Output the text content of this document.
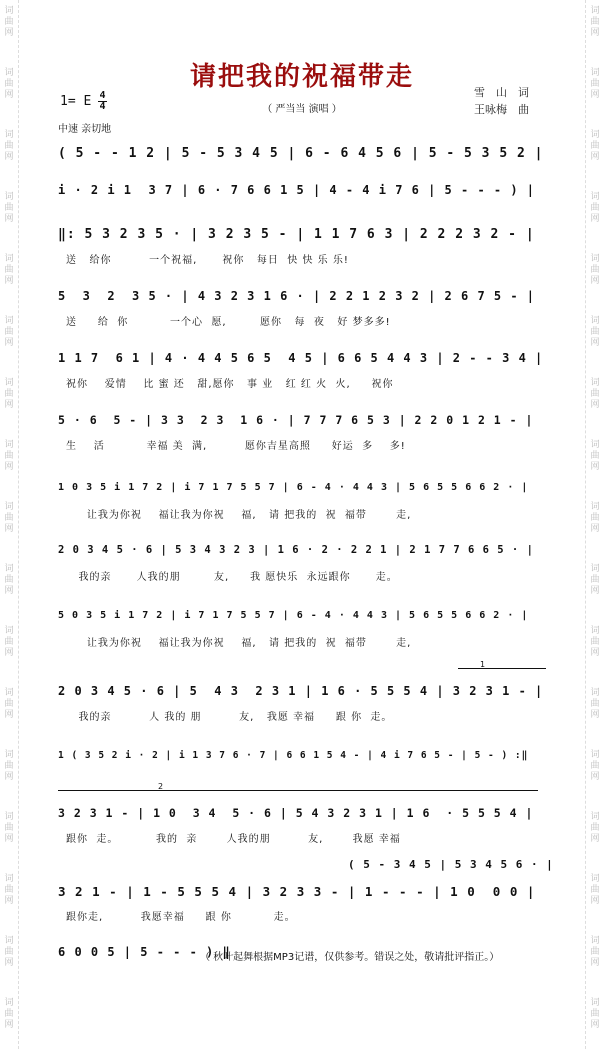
词
曲
网
词
曲
网
词
曲
网
词
曲
网
词
曲
网
词
曲
网
词
曲
网
词
曲
网
词
曲
网
词
曲
网
词
曲
网
词
曲
网
词
曲
网
词
曲
网
词
曲
网
词
曲
网
词
曲
网
词
曲
网
词
曲
网
词
曲
网
词
曲
网
词
曲
网
词
曲
网
词
曲
网
词
曲
网
词
曲
网
词
曲
网
词
曲
网
词
曲
网
词
曲
网
词
曲
网
词
曲
网
词
曲
网
词
曲
网
请把我的祝福带走
雪　山　词
王咏梅　曲
（ 严当当 演唱 ）
1= E 4
4
中速 亲切地
( 5 - - 1 2 | 5 - 5 3 4 5 | 6 - 6 4 5 6 | 5 - 5 3 5 2 |
i · 2 i 1  3 7 | 6 · 7 6 6 1 5 | 4 - 4 i 7 6 | 5 - - - ) |
‖: 5 3 2 3 5 · | 3 2 3 5 - | 1 1 7 6 3 | 2 2 2 3 2 - |
送   给你         一个祝福,      祝你   每日  快 快 乐 乐!
5  3  2  3 5 · | 4 3 2 3 1 6 · | 2 2 1 2 3 2 | 2 6 7 5 - |
送     给  你          一个心  愿,        愿你   每  夜   好 梦多多!
1 1 7  6 1 | 4 · 4 4 5 6 5  4 5 | 6 6 5 4 4 3 | 2 - - 3 4 |
祝你    爱情    比 蜜 还   甜,愿你   事 业   红 红 火  火,     祝你
5 · 6  5 - | 3 3  2 3  1 6 · | 7 7 7 6 5 3 | 2 2 0 1 2 1 - |
生    活          幸福 美  满,         愿你吉星高照     好运  多    多!
1 0 3 5 i 1 7 2 | i 7 1 7 5 5 7 | 6 - 4 · 4 4 3 | 5 6 5 5 6 6 2 · |
让我为你祝    福让我为你祝    福,   请 把我的  祝  福带       走,
2 0 3 4 5 · 6 | 5 3 4 3 2 3 | 1 6 · 2 · 2 2 1 | 2 1 7 7 6 6 5 · |
我的亲      人我的朋        友,     我 愿快乐  永远跟你      走。
5 0 3 5 i 1 7 2 | i 7 1 7 5 5 7 | 6 - 4 · 4 4 3 | 5 6 5 5 6 6 2 · |
让我为你祝    福让我为你祝    福,   请 把我的  祝  福带       走,
2 0 3 4 5 · 6 | 5  4 3  2 3 1 | 1 6 · 5 5 5 4 | 3 2 3 1 - |
我的亲         人 我的 朋         友,   我愿 幸福     跟 你  走。
1 ( 3 5 2 i · 2 | i 1 3 7 6 · 7 | 6 6 1 5 4 - | 4 i 7 6 5 - | 5 - ) :‖
3 2 3 1 - | 1 0  3 4  5 · 6 | 5 4 3 2 3 1 | 1 6  · 5 5 5 4 |
跟你  走。         我的  亲       人我的朋         友,       我愿 幸福
3 2 1 - | 1 - 5 5 5 4 | 3 2 3 3 - | 1 - - - | 1 0  0 0 |
跟你走,         我愿幸福     跟 你          走。
6 0 0 5 | 5 - - - ) ‖
( 5 - 3 4 5 | 5 3 4 5 6 · |
1
2
（ 秋叶起舞根据MP3记谱，仅供参考。错误之处，敬请批评指正。）
